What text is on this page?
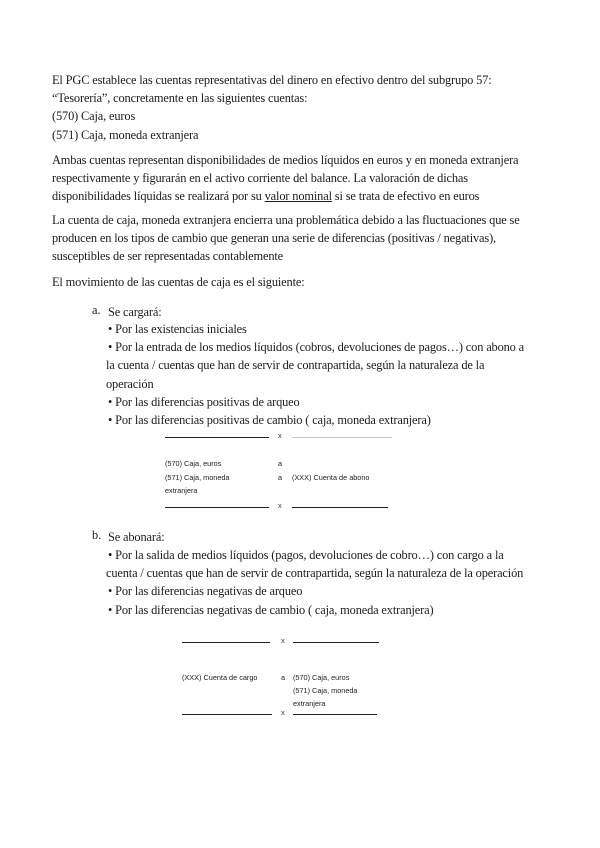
El PGC establece las cuentas representativas del dinero en efectivo dentro del subgrupo 57:
“Tesorería”, concretamente en las siguientes cuentas:
(570) Caja, euros
(571) Caja, moneda extranjera
Ambas cuentas representan disponibilidades de medios líquidos en euros y en moneda extranjera
respectivamente y figurarán en el activo corriente del balance. La valoración de dichas
disponibilidades líquidas se realizará por su valor nominal si se trata de efectivo en euros
La cuenta de caja, moneda extranjera encierra una problemática debido a las fluctuaciones que se
producen en los tipos de cambio que generan una serie de diferencias (positivas / negativas),
susceptibles de ser representadas contablemente
El movimiento de las cuentas de caja es el siguiente:
a. Se cargará:
• Por las existencias iniciales
• Por la entrada de los medios líquidos (cobros, devoluciones de pagos…) con abono a
la cuenta / cuentas que han de servir de contrapartida, según la naturaleza de la
operación
• Por las diferencias positivas de arqueo
• Por las diferencias positivas de cambio ( caja, moneda extranjera)
x
(570) Caja, euros	a
(571) Caja, moneda	a (XXX) Cuenta de abono
extranjera
x
b. Se abonará:
• Por la salida de medios líquidos (pagos, devoluciones de cobro…) con cargo a la
cuenta / cuentas que han de servir de contrapartida, según la naturaleza de la operación
• Por las diferencias negativas de arqueo
• Por las diferencias negativas de cambio ( caja, moneda extranjera)
x
(XXX) Cuenta de cargo	a (570) Caja, euros
(571) Caja, moneda
extranjera
x
